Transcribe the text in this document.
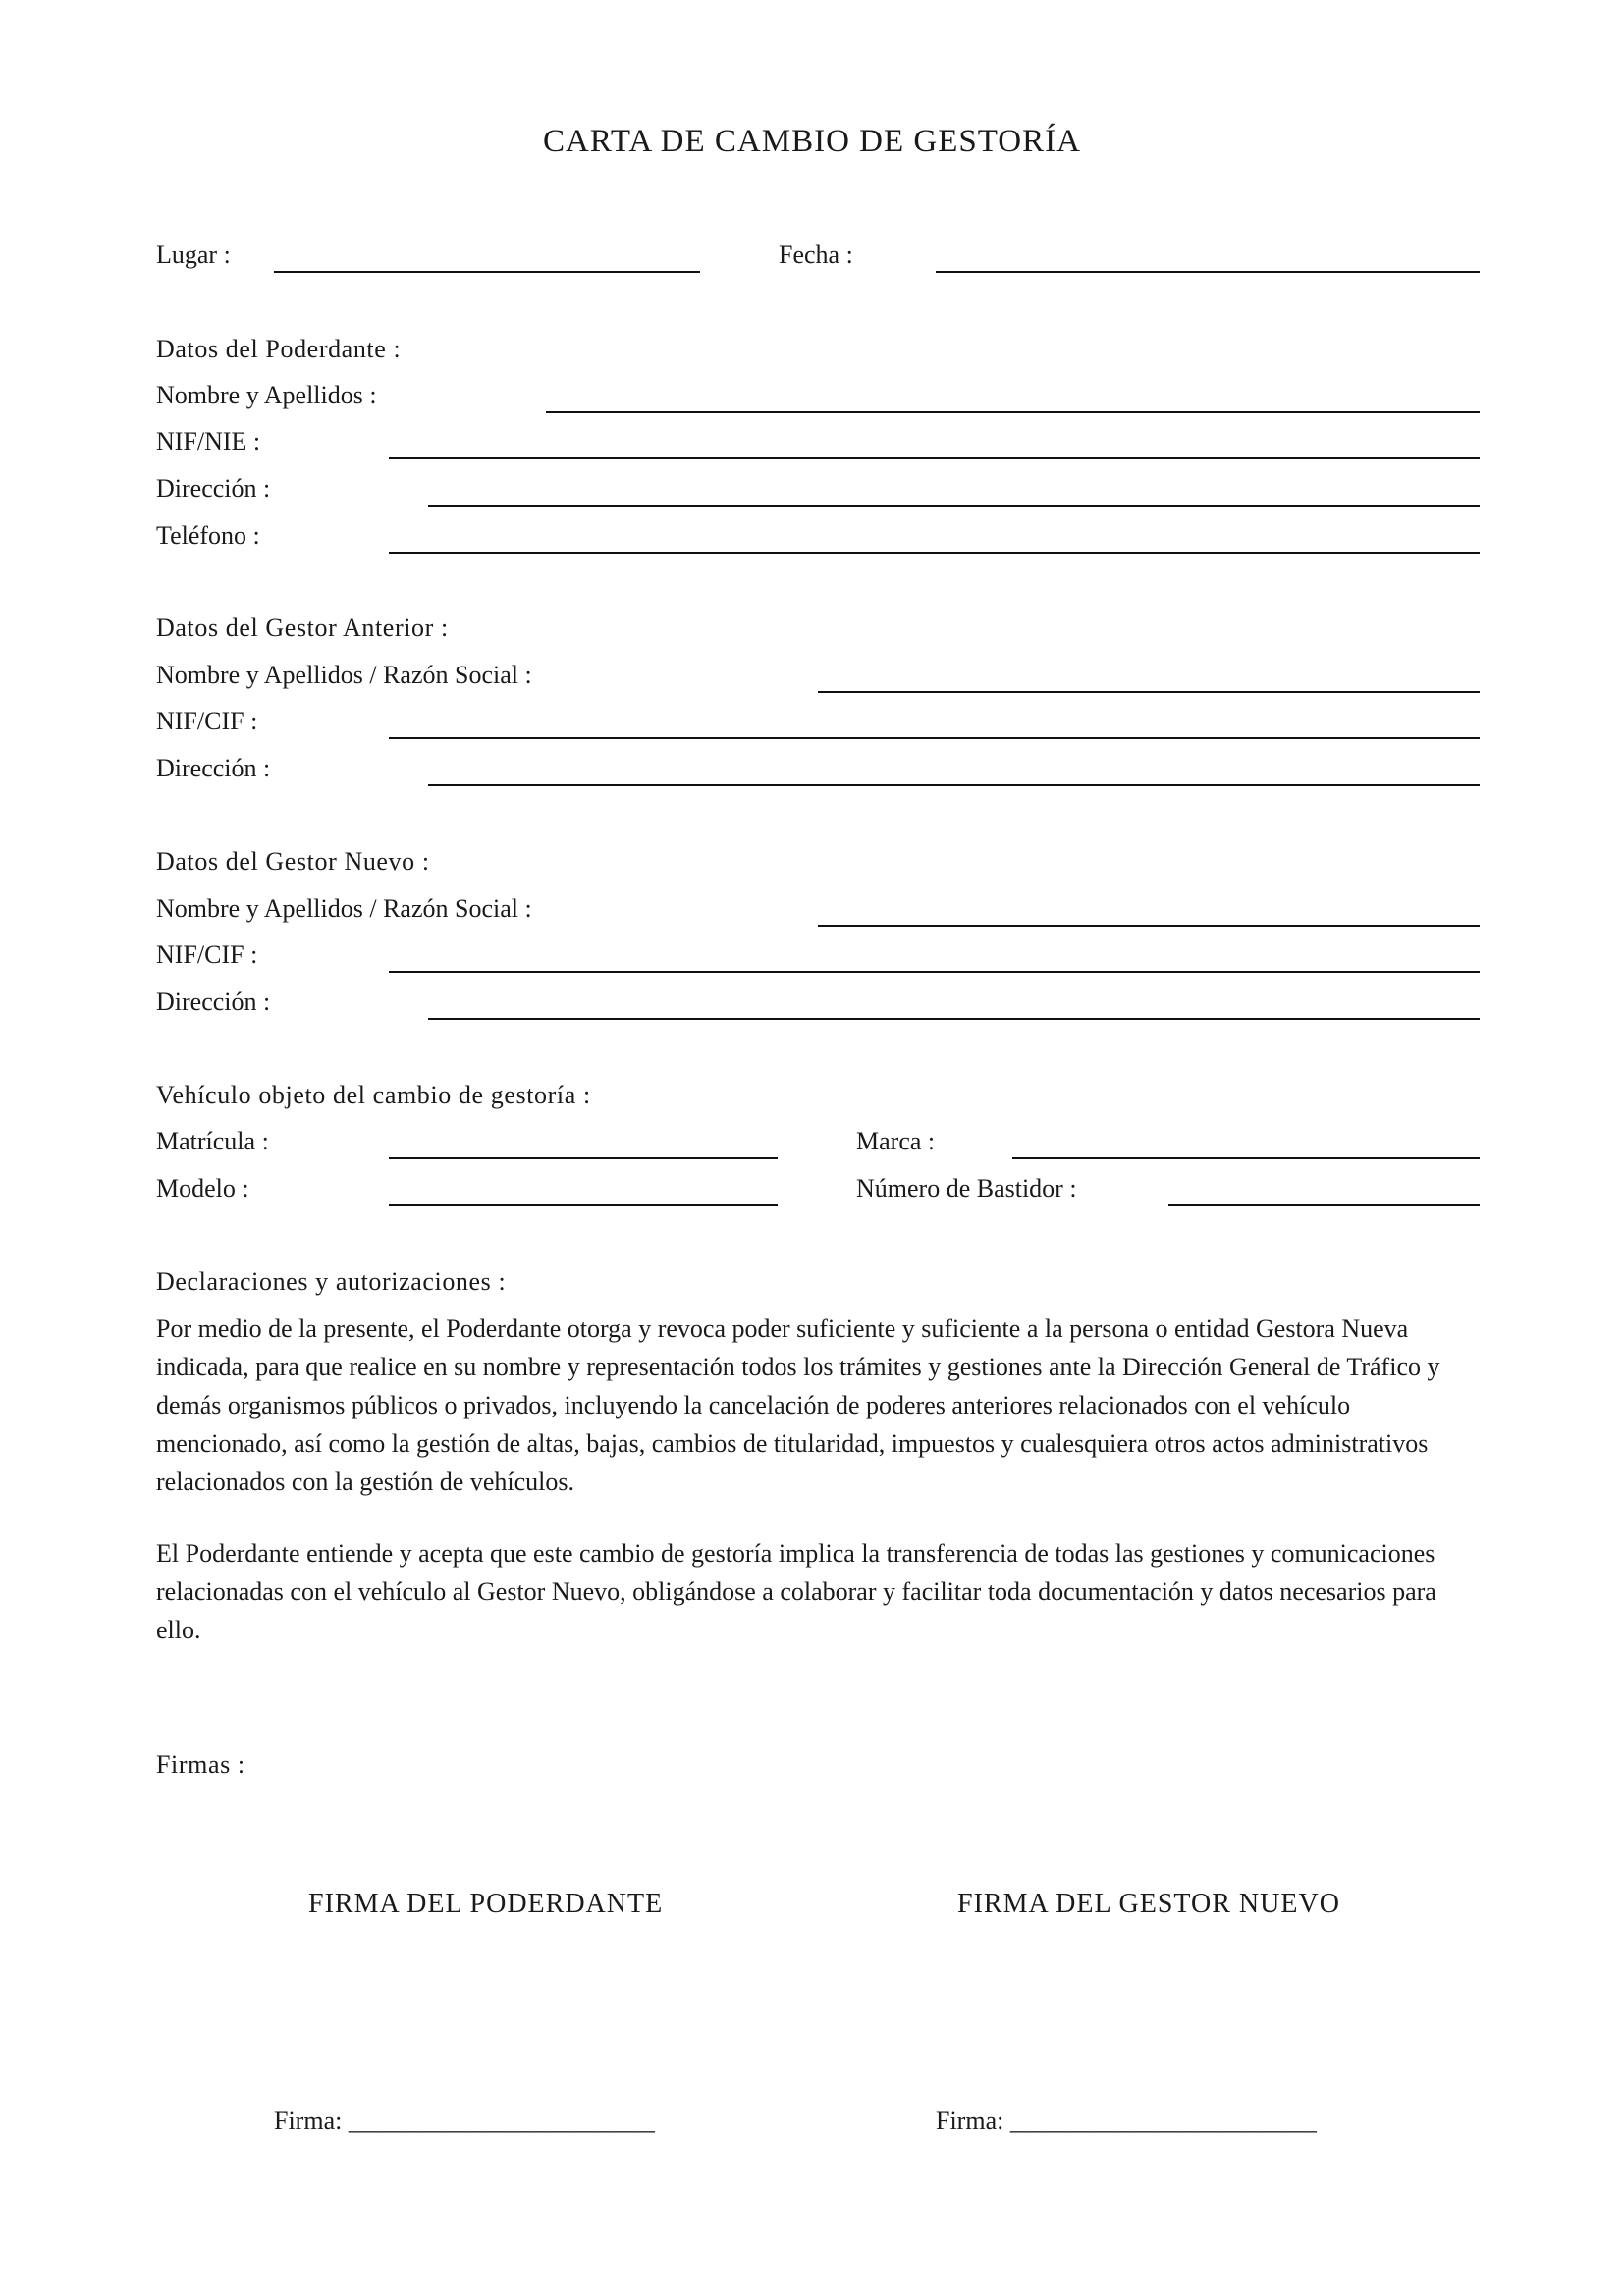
CARTA DE CAMBIO DE GESTORÍA
Lugar :	Fecha :
Datos del Poderdante :
Nombre y Apellidos :
NIF/NIE :
Dirección :
Teléfono :
Datos del Gestor Anterior :
Nombre y Apellidos / Razón Social :
NIF/CIF :
Dirección :
Datos del Gestor Nuevo :
Nombre y Apellidos / Razón Social :
NIF/CIF :
Dirección :
Vehículo objeto del cambio de gestoría :
Matrícula :	Marca :
Modelo :	Número de Bastidor :
Declaraciones y autorizaciones :

Por medio de la presente, el Poderdante otorga y revoca poder suficiente y suficiente a la persona o entidad Gestora Nueva indicada, para que realice en su nombre y representación todos los trámites y gestiones ante la Dirección General de Tráfico y demás organismos públicos o privados, incluyendo la cancelación de poderes anteriores relacionados con el vehículo mencionado, así como la gestión de altas, bajas, cambios de titularidad, impuestos y cualesquiera otros actos administrativos relacionados con la gestión de vehículos.

El Poderdante entiende y acepta que este cambio de gestoría implica la transferencia de todas las gestiones y comunicaciones relacionadas con el vehículo al Gestor Nuevo, obligándose a colaborar y facilitar toda documentación y datos necesarios para ello.

Firmas :
FIRMA DEL PODERDANTE	FIRMA DEL GESTOR NUEVO
Firma: ________________________	Firma: ________________________
